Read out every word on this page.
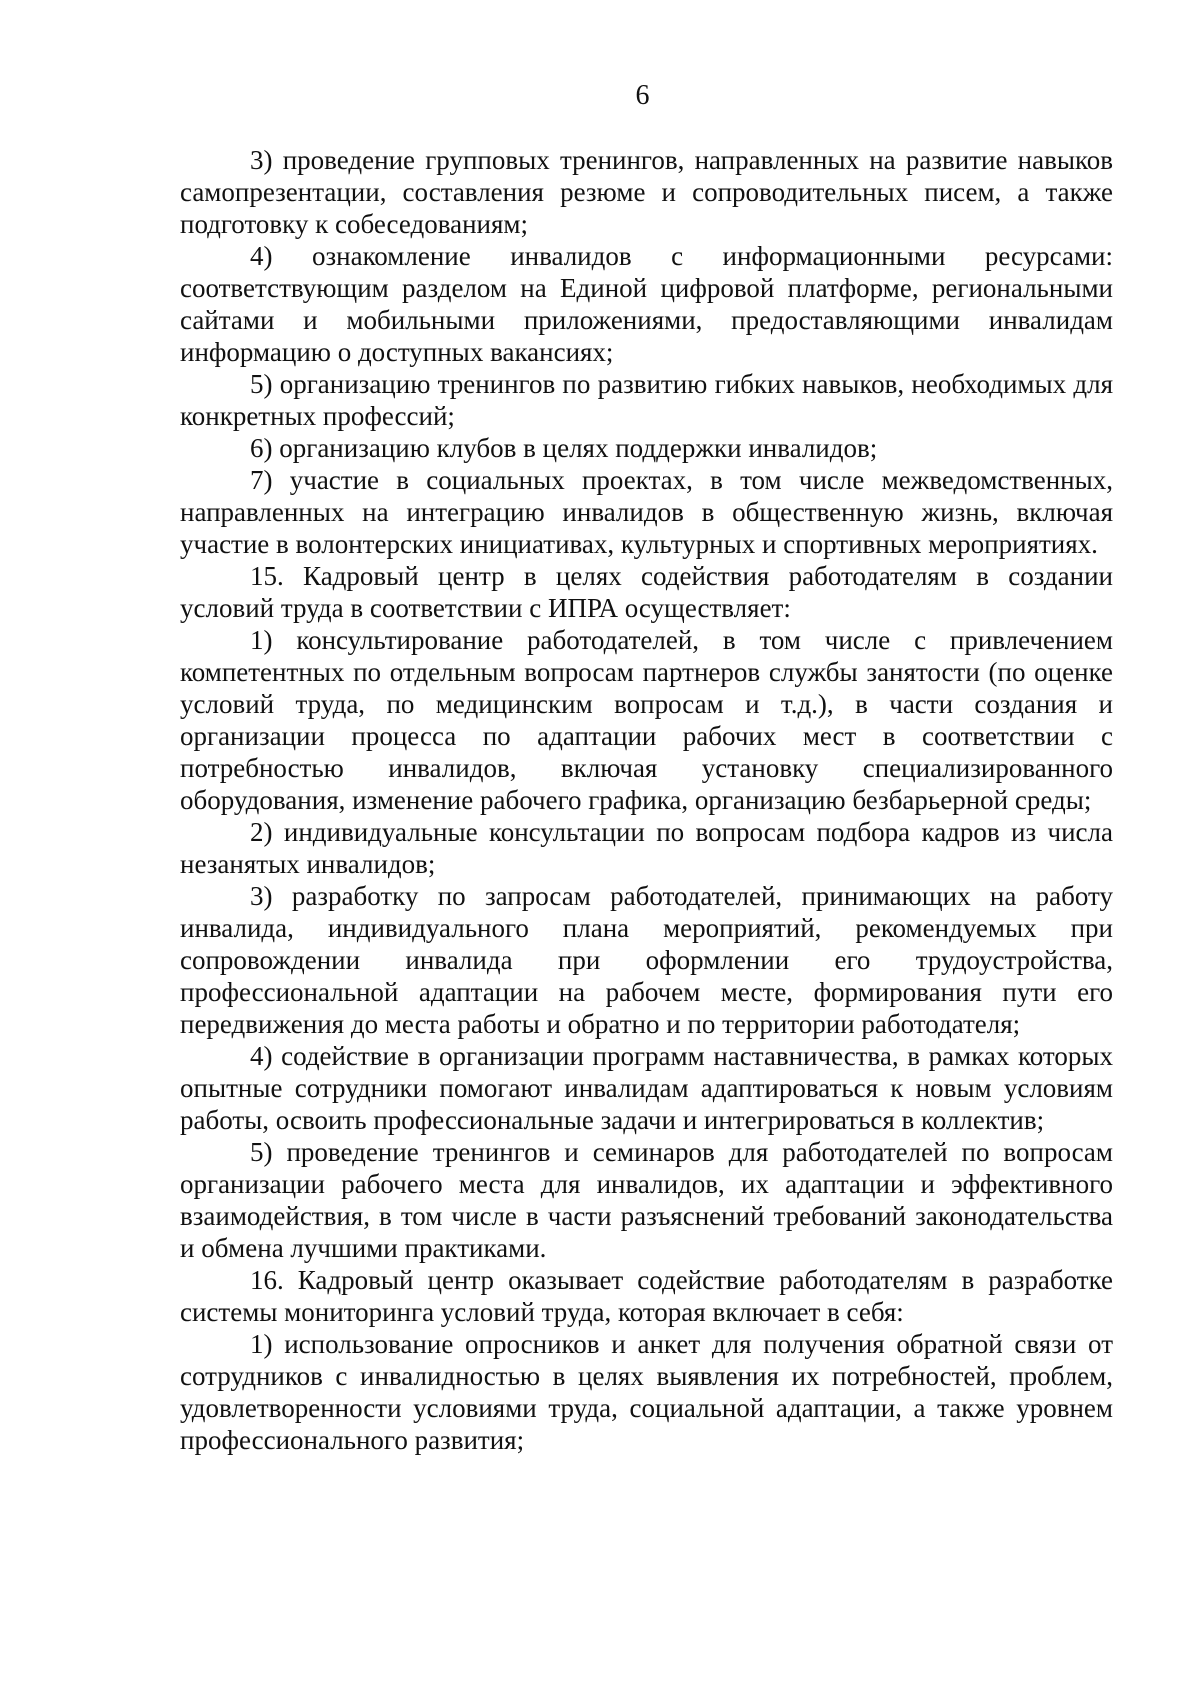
6

3) проведение групповых тренингов, направленных на развитие навыков самопрезентации, составления резюме и сопроводительных писем, а также подготовку к собеседованиям;

4) ознакомление инвалидов с информационными ресурсами: соответствующим разделом на Единой цифровой платформе, региональными сайтами и мобильными приложениями, предоставляющими инвалидам информацию о доступных вакансиях;

5) организацию тренингов по развитию гибких навыков, необходимых для конкретных профессий;

6) организацию клубов в целях поддержки инвалидов;

7) участие в социальных проектах, в том числе межведомственных, направленных на интеграцию инвалидов в общественную жизнь, включая участие в волонтерских инициативах, культурных и спортивных мероприятиях.

15. Кадровый центр в целях содействия работодателям в создании условий труда в соответствии с ИПРА осуществляет:

1) консультирование работодателей, в том числе с привлечением компетентных по отдельным вопросам партнеров службы занятости (по оценке условий труда, по медицинским вопросам и т.д.), в части создания и организации процесса по адаптации рабочих мест в соответствии с потребностью инвалидов, включая установку специализированного оборудования, изменение рабочего графика, организацию безбарьерной среды;

2) индивидуальные консультации по вопросам подбора кадров из числа незанятых инвалидов;

3) разработку по запросам работодателей, принимающих на работу инвалида, индивидуального плана мероприятий, рекомендуемых при сопровождении инвалида при оформлении его трудоустройства, профессиональной адаптации на рабочем месте, формирования пути его передвижения до места работы и обратно и по территории работодателя;

4) содействие в организации программ наставничества, в рамках которых опытные сотрудники помогают инвалидам адаптироваться к новым условиям работы, освоить профессиональные задачи и интегрироваться в коллектив;

5) проведение тренингов и семинаров для работодателей по вопросам организации рабочего места для инвалидов, их адаптации и эффективного взаимодействия, в том числе в части разъяснений требований законодательства и обмена лучшими практиками.

16. Кадровый центр оказывает содействие работодателям в разработке системы мониторинга условий труда, которая включает в себя:

1) использование опросников и анкет для получения обратной связи от сотрудников с инвалидностью в целях выявления их потребностей, проблем, удовлетворенности условиями труда, социальной адаптации, а также уровнем профессионального развития;
